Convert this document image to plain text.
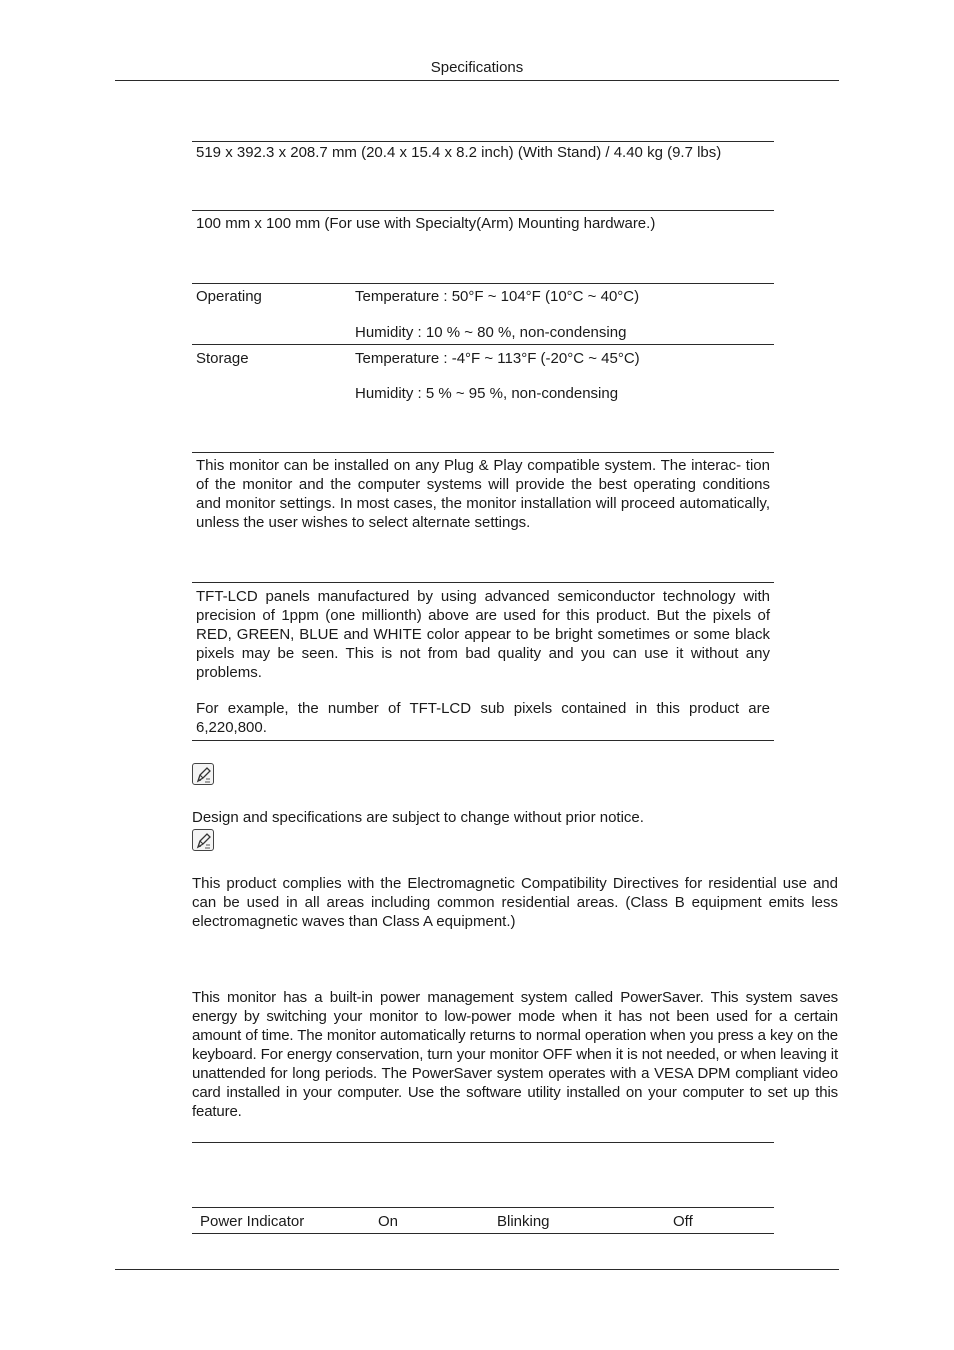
Specifications
519 x 392.3 x 208.7 mm (20.4 x 15.4 x 8.2 inch) (With Stand) / 4.40 kg (9.7 lbs)
100 mm x 100 mm (For use with Specialty(Arm) Mounting hardware.)
Operating	Temperature : 50°F ~ 104°F (10°C ~ 40°C)
Humidity : 10 % ~ 80 %, non-condensing
Storage	Temperature : -4°F ~ 113°F (-20°C ~ 45°C)
Humidity : 5 % ~ 95 %, non-condensing
This monitor can be installed on any Plug & Play compatible system. The interac- tion of the monitor and the computer systems will provide the best operating conditions and monitor settings. In most cases, the monitor installation will proceed automatically, unless the user wishes to select alternate settings.
TFT-LCD panels manufactured by using advanced semiconductor technology with precision of 1ppm (one millionth) above are used for this product. But the pixels of RED, GREEN, BLUE and WHITE color appear to be bright sometimes or some black pixels may be seen. This is not from bad quality and you can use it without any problems.
For example, the number of TFT-LCD sub pixels contained in this product are 6,220,800.
Design and specifications are subject to change without prior notice.
This product complies with the Electromagnetic Compatibility Directives for residential use and can be used in all areas including common residential areas. (Class B equipment emits less electromagnetic waves than Class A equipment.)
This monitor has a built-in power management system called PowerSaver. This system saves energy by switching your monitor to low-power mode when it has not been used for a certain amount of time. The monitor automatically returns to normal operation when you press a key on the keyboard. For energy conservation, turn your monitor OFF when it is not needed, or when leaving it unattended for long periods. The PowerSaver system operates with a VESA DPM compliant video card installed in your computer. Use the software utility installed on your computer to set up this feature.
Power Indicator	On	Blinking	Off
